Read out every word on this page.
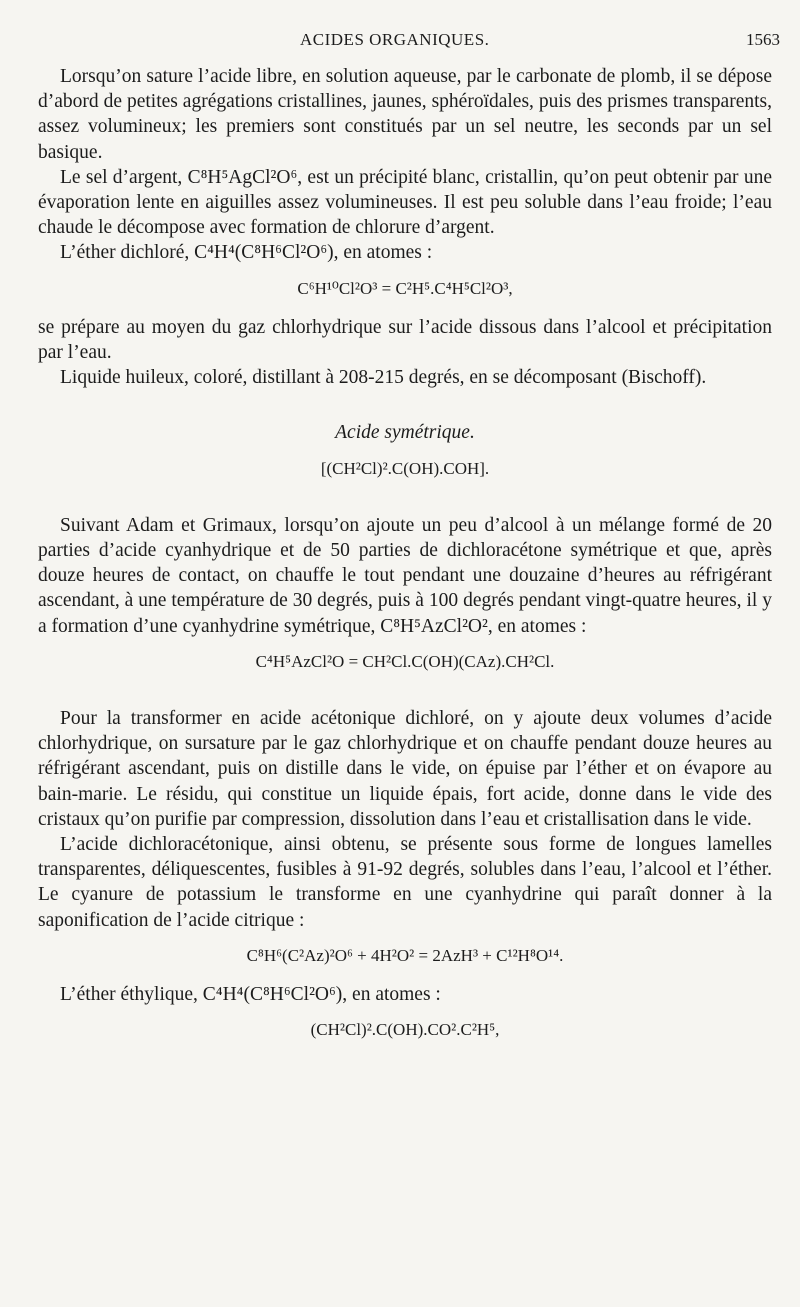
ACIDES ORGANIQUES.	1563

Lorsqu’on sature l’acide libre, en solution aqueuse, par le carbonate de plomb, il se dépose d’abord de petites agrégations cristallines, jaunes, sphéroïdales, puis des prismes transparents, assez volumineux; les premiers sont constitués par un sel neutre, les seconds par un sel basique.

Le sel d’argent, C⁸H⁵AgCl²O⁶, est un précipité blanc, cristallin, qu’on peut obtenir par une évaporation lente en aiguilles assez volumineuses. Il est peu soluble dans l’eau froide; l’eau chaude le décompose avec formation de chlorure d’argent.

L’éther dichloré, C⁴H⁴(C⁸H⁶Cl²O⁶), en atomes :

C⁶H¹⁰Cl²O³ = C²H⁵.C⁴H⁵Cl²O³,

se prépare au moyen du gaz chlorhydrique sur l’acide dissous dans l’alcool et précipitation par l’eau.

Liquide huileux, coloré, distillant à 208-215 degrés, en se décomposant (Bischoff).

Acide symétrique.
[(CH²Cl)².C(OH).COH].

Suivant Adam et Grimaux, lorsqu’on ajoute un peu d’alcool à un mélange formé de 20 parties d’acide cyanhydrique et de 50 parties de dichloracétone symétrique et que, après douze heures de contact, on chauffe le tout pendant une douzaine d’heures au réfrigérant ascendant, à une température de 30 degrés, puis à 100 degrés pendant vingt-quatre heures, il y a formation d’une cyanhydrine symétrique, C⁸H⁵AzCl²O², en atomes :

C⁴H⁵AzCl²O = CH²Cl.C(OH)(CAz).CH²Cl.

Pour la transformer en acide acétonique dichloré, on y ajoute deux volumes d’acide chlorhydrique, on sursature par le gaz chlorhydrique et on chauffe pendant douze heures au réfrigérant ascendant, puis on distille dans le vide, on épuise par l’éther et on évapore au bain-marie. Le résidu, qui constitue un liquide épais, fort acide, donne dans le vide des cristaux qu’on purifie par compression, dissolution dans l’eau et cristallisation dans le vide.

L’acide dichloracétonique, ainsi obtenu, se présente sous forme de longues lamelles transparentes, déliquescentes, fusibles à 91-92 degrés, solubles dans l’eau, l’alcool et l’éther. Le cyanure de potassium le transforme en une cyanhydrine qui paraît donner à la saponification de l’acide citrique :

C⁸H⁶(C²Az)²O⁶ + 4H²O² = 2AzH³ + C¹²H⁸O¹⁴.

L’éther éthylique, C⁴H⁴(C⁸H⁶Cl²O⁶), en atomes :

(CH²Cl)².C(OH).CO².C²H⁵,
